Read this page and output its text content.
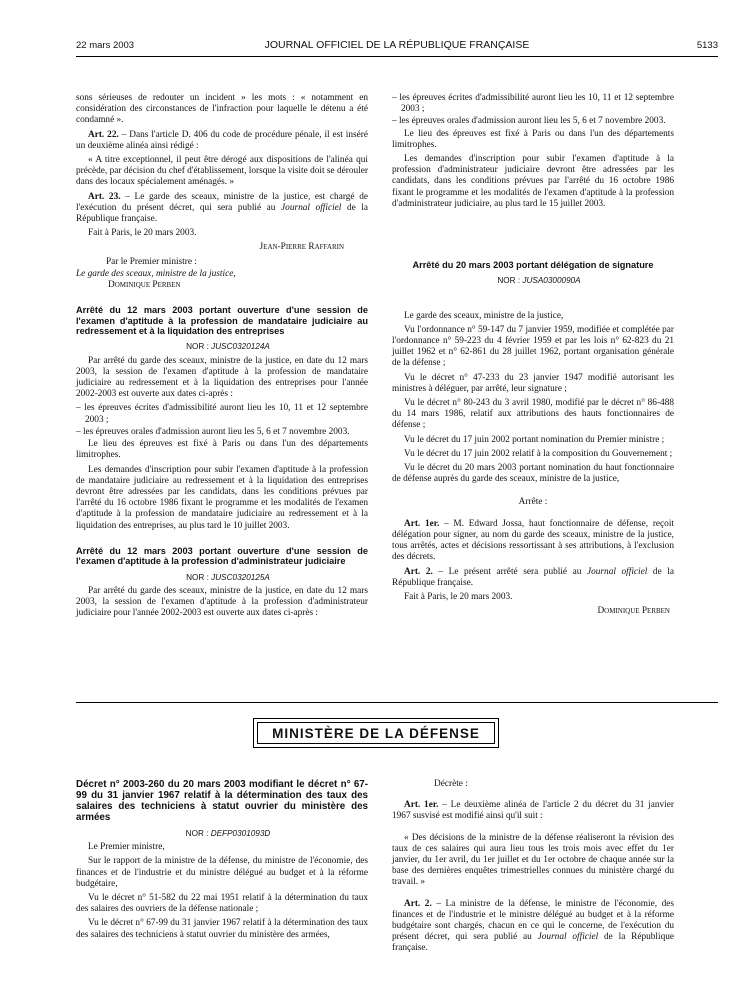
22 mars 2003	JOURNAL OFFICIEL DE LA RÉPUBLIQUE FRANÇAISE	5133

sons sérieuses de redouter un incident » les mots : « notamment en considération des circonstances de l'infraction pour laquelle le détenu a été condamné ».

Art. 22. – Dans l'article D. 406 du code de procédure pénale, il est inséré un deuxième alinéa ainsi rédigé :

« A titre exceptionnel, il peut être dérogé aux dispositions de l'alinéa qui précède, par décision du chef d'établissement, lorsque la visite doit se dérouler dans des locaux spécialement aménagés. »

Art. 23. – Le garde des sceaux, ministre de la justice, est chargé de l'exécution du présent décret, qui sera publié au Journal officiel de la République française.

Fait à Paris, le 20 mars 2003.

Jean-Pierre Raffarin

Par le Premier ministre :

Le garde des sceaux, ministre de la justice,

Dominique Perben

Arrêté du 12 mars 2003 portant ouverture d'une session de l'examen d'aptitude à la profession de mandataire judiciaire au redressement et à la liquidation des entreprises

NOR : JUSC0320124A

Par arrêté du garde des sceaux, ministre de la justice, en date du 12 mars 2003, la session de l'examen d'aptitude à la profession de mandataire judiciaire au redressement et à la liquidation des entreprises pour l'année 2002-2003 est ouverte aux dates ci-après :

– les épreuves écrites d'admissibilité auront lieu les 10, 11 et 12 septembre 2003 ;

– les épreuves orales d'admission auront lieu les 5, 6 et 7 novembre 2003.

Le lieu des épreuves est fixé à Paris ou dans l'un des départements limitrophes.

Les demandes d'inscription pour subir l'examen d'aptitude à la profession de mandataire judiciaire au redressement et à la liquidation des entreprises devront être adressées par les candidats, dans les conditions prévues par l'arrêté du 16 octobre 1986 fixant le programme et les modalités de l'examen d'aptitude à la profession de mandataire judiciaire au redressement et à la liquidation des entreprises, au plus tard le 10 juillet 2003.

Arrêté du 12 mars 2003 portant ouverture d'une session de l'examen d'aptitude à la profession d'administrateur judiciaire

NOR : JUSC0320125A

Par arrêté du garde des sceaux, ministre de la justice, en date du 12 mars 2003, la session de l'examen d'aptitude à la profession d'administrateur judiciaire pour l'année 2002-2003 est ouverte aux dates ci-après :

– les épreuves écrites d'admissibilité auront lieu les 10, 11 et 12 septembre 2003 ;

– les épreuves orales d'admission auront lieu les 5, 6 et 7 novembre 2003.

Le lieu des épreuves est fixé à Paris ou dans l'un des départements limitrophes.

Les demandes d'inscription pour subir l'examen d'aptitude à la profession d'administrateur judiciaire devront être adressées par les candidats, dans les conditions prévues par l'arrêté du 16 octobre 1986 fixant le programme et les modalités de l'examen d'aptitude à la profession d'administrateur judiciaire, au plus tard le 15 juillet 2003.

Arrêté du 20 mars 2003 portant délégation de signature

NOR : JUSA0300090A

Le garde des sceaux, ministre de la justice,

Vu l'ordonnance n° 59-147 du 7 janvier 1959, modifiée et complétée par l'ordonnance n° 59-223 du 4 février 1959 et par les lois n° 62-823 du 21 juillet 1962 et n° 62-861 du 28 juillet 1962, portant organisation générale de la défense ;

Vu le décret n° 47-233 du 23 janvier 1947 modifié autorisant les ministres à déléguer, par arrêté, leur signature ;

Vu le décret n° 80-243 du 3 avril 1980, modifié par le décret n° 86-488 du 14 mars 1986, relatif aux attributions des hauts fonctionnaires de défense ;

Vu le décret du 17 juin 2002 portant nomination du Premier ministre ;

Vu le décret du 17 juin 2002 relatif à la composition du Gouvernement ;

Vu le décret du 20 mars 2003 portant nomination du haut fonctionnaire de défense auprès du garde des sceaux, ministre de la justice,

Arrête :

Art. 1er. – M. Edward Jossa, haut fonctionnaire de défense, reçoit délégation pour signer, au nom du garde des sceaux, ministre de la justice, tous arrêtés, actes et décisions ressortissant à ses attributions, à l'exclusion des décrets.

Art. 2. – Le présent arrêté sera publié au Journal officiel de la République française.

Fait à Paris, le 20 mars 2003.

Dominique Perben

MINISTÈRE DE LA DÉFENSE
Décret n° 2003-260 du 20 mars 2003 modifiant le décret n° 67-99 du 31 janvier 1967 relatif à la détermination des taux des salaires des techniciens à statut ouvrier du ministère des armées

NOR : DEFP0301093D

Le Premier ministre,

Sur le rapport de la ministre de la défense, du ministre de l'économie, des finances et de l'industrie et du ministre délégué au budget et à la réforme budgétaire,

Vu le décret n° 51-582 du 22 mai 1951 relatif à la détermination du taux des salaires des ouvriers de la défense nationale ;

Vu le décret n° 67-99 du 31 janvier 1967 relatif à la détermination des taux des salaires des techniciens à statut ouvrier du ministère des armées,

Décrète :

Art. 1er. – Le deuxième alinéa de l'article 2 du décret du 31 janvier 1967 susvisé est modifié ainsi qu'il suit :

« Des décisions de la ministre de la défense réaliseront la révision des taux de ces salaires qui aura lieu tous les trois mois avec effet du 1er janvier, du 1er avril, du 1er juillet et du 1er octobre de chaque année sur la base des dernières enquêtes trimestrielles connues du ministère chargé du travail. »

Art. 2. – La ministre de la défense, le ministre de l'économie, des finances et de l'industrie et le ministre délégué au budget et à la réforme budgétaire sont chargés, chacun en ce qui le concerne, de l'exécution du présent décret, qui sera publié au Journal officiel de la République française.
